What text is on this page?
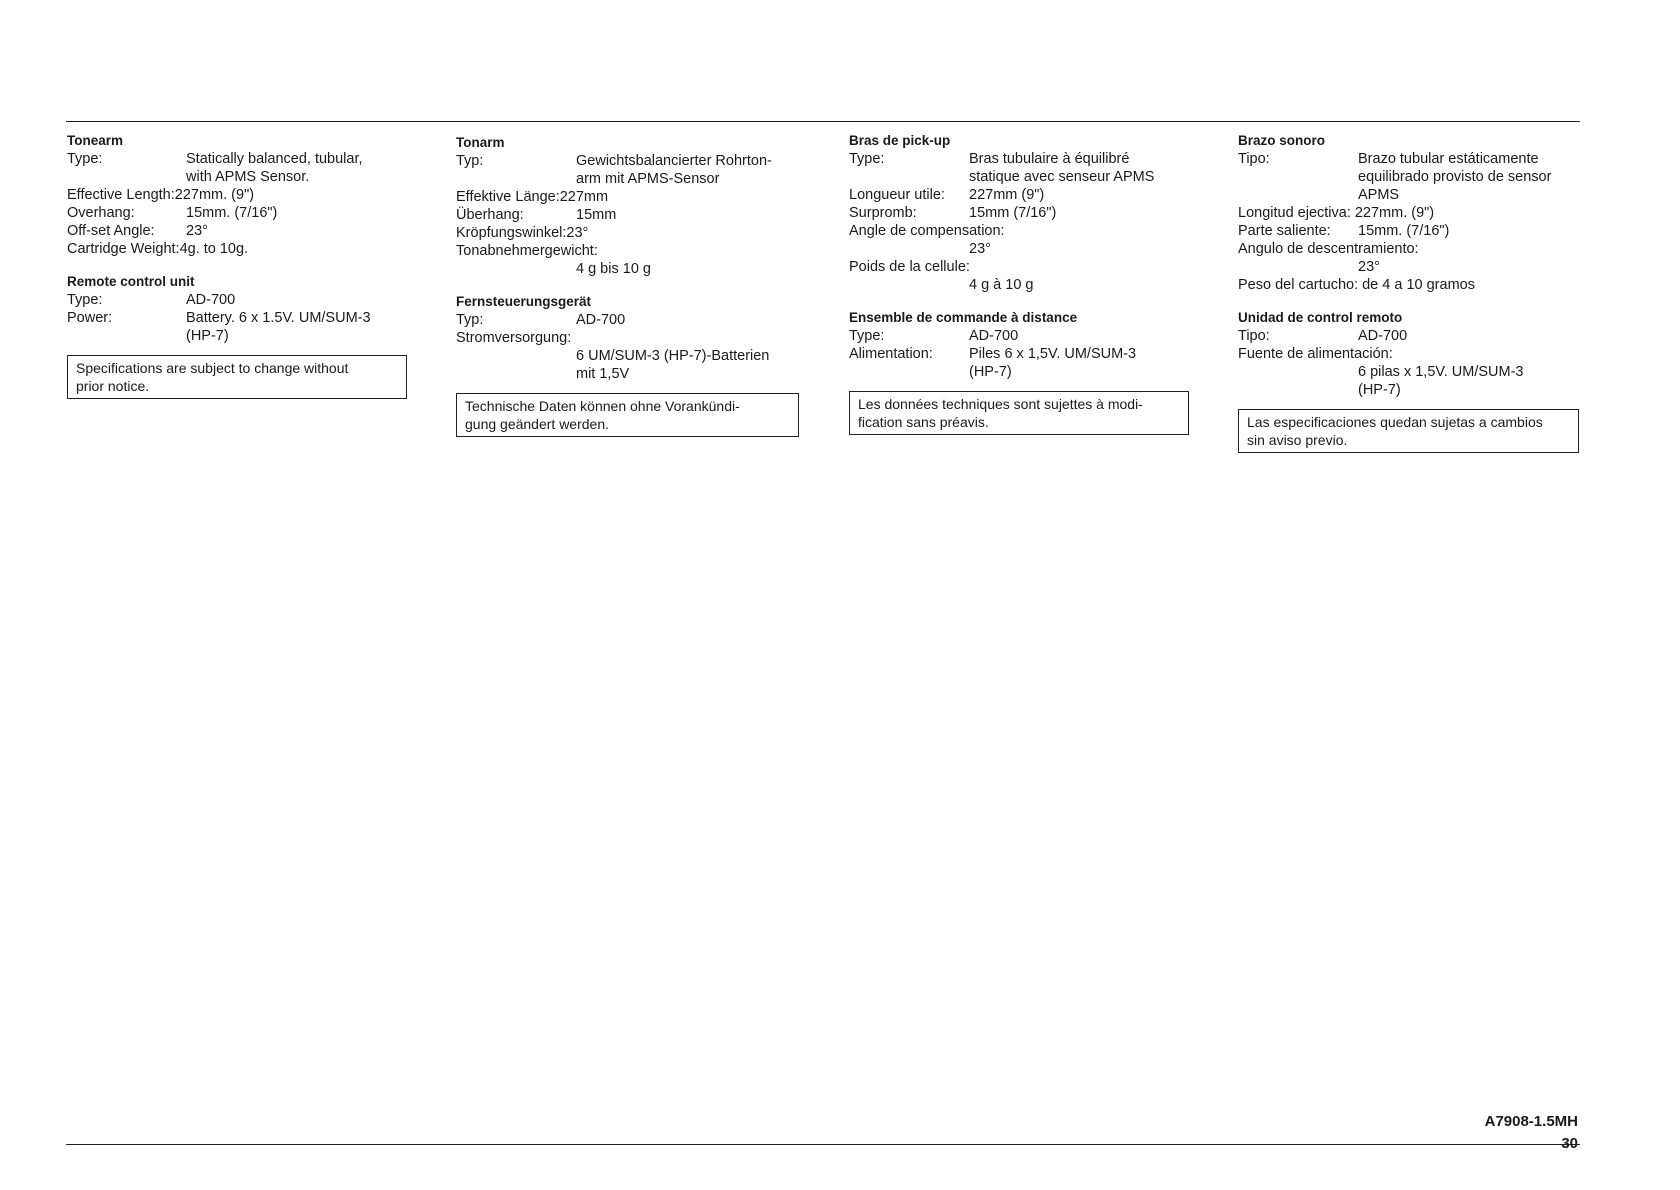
Tonearm
Type:	Statically balanced, tubular,
with APMS Sensor.
Effective Length: 227mm. (9")
Overhang:	15mm. (7/16")
Off-set Angle:	23°
Cartridge Weight: 4g. to 10g.
Remote control unit
Type:	AD-700
Power:	Battery. 6 x 1.5V. UM/SUM-3
(HP-7)
Specifications are subject to change without
prior notice.
Tonarm
Typ:	Gewichtsbalancierter Rohrton-
arm mit APMS-Sensor
Effektive Länge: 227mm
Überhang:	15mm
Kröpfungswinkel: 23°
Tonabnehmergewicht:
4 g bis 10 g
Fernsteuerungsgerät
Typ:	AD-700
Stromversorgung:
6 UM/SUM-3 (HP-7)-Batterien
mit 1,5V
Technische Daten können ohne Vorankündi-
gung geändert werden.
Bras de pick-up
Type:	Bras tubulaire à équilibré
statique avec senseur APMS
Longueur utile:	227mm (9")
Surpromb:	15mm (7/16")
Angle de compensation:
23°
Poids de la cellule:
4 g à 10 g
Ensemble de commande à distance
Type:	AD-700
Alimentation:	Piles 6 x 1,5V. UM/SUM-3
(HP-7)
Les données techniques sont sujettes à modi-
fication sans préavis.
Brazo sonoro
Tipo:	Brazo tubular estáticamente
equilibrado provisto de sensor
APMS
Longitud ejectiva: 227mm. (9")
Parte saliente:	15mm. (7/16")
Angulo de descentramiento:
23°
Peso del cartucho: de 4 a 10 gramos
Unidad de control remoto
Tipo:	AD-700
Fuente de alimentación:
6 pilas x 1,5V. UM/SUM-3
(HP-7)
Las especificaciones quedan sujetas a cambios
sin aviso previo.
A7908-1.5MH
30
